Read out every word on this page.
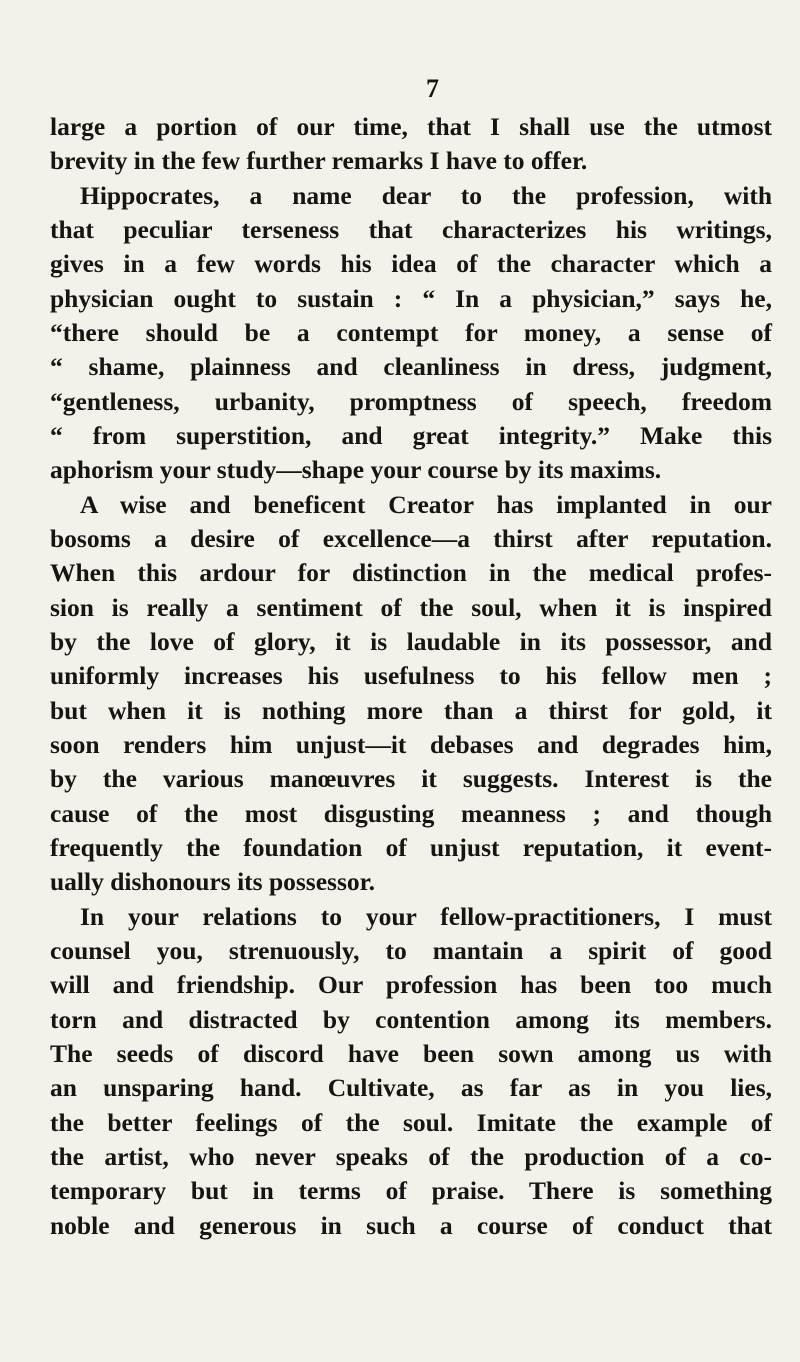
7
large a portion of our time, that I shall use the utmost
brevity in the few further remarks I have to offer.
Hippocrates, a name dear to the profession, with
that peculiar terseness that characterizes his writings,
gives in a few words his idea of the character which a
physician ought to sustain : “ In a physician,” says he,
“there should be a contempt for money, a sense of
“ shame, plainness and cleanliness in dress, judgment,
“gentleness, urbanity, promptness of speech, freedom
“ from superstition, and great integrity.” Make this
aphorism your study—shape your course by its maxims.
A wise and beneficent Creator has implanted in our
bosoms a desire of excellence—a thirst after reputation.
When this ardour for distinction in the medical profes-
sion is really a sentiment of the soul, when it is inspired
by the love of glory, it is laudable in its possessor, and
uniformly increases his usefulness to his fellow men ;
but when it is nothing more than a thirst for gold, it
soon renders him unjust—it debases and degrades him,
by the various manœuvres it suggests. Interest is the
cause of the most disgusting meanness ; and though
frequently the foundation of unjust reputation, it event-
ually dishonours its possessor.
In your relations to your fellow-practitioners, I must
counsel you, strenuously, to mantain a spirit of good
will and friendship. Our profession has been too much
torn and distracted by contention among its members.
The seeds of discord have been sown among us with
an unsparing hand. Cultivate, as far as in you lies,
the better feelings of the soul. Imitate the example of
the artist, who never speaks of the production of a co-
temporary but in terms of praise. There is something
noble and generous in such a course of conduct that
